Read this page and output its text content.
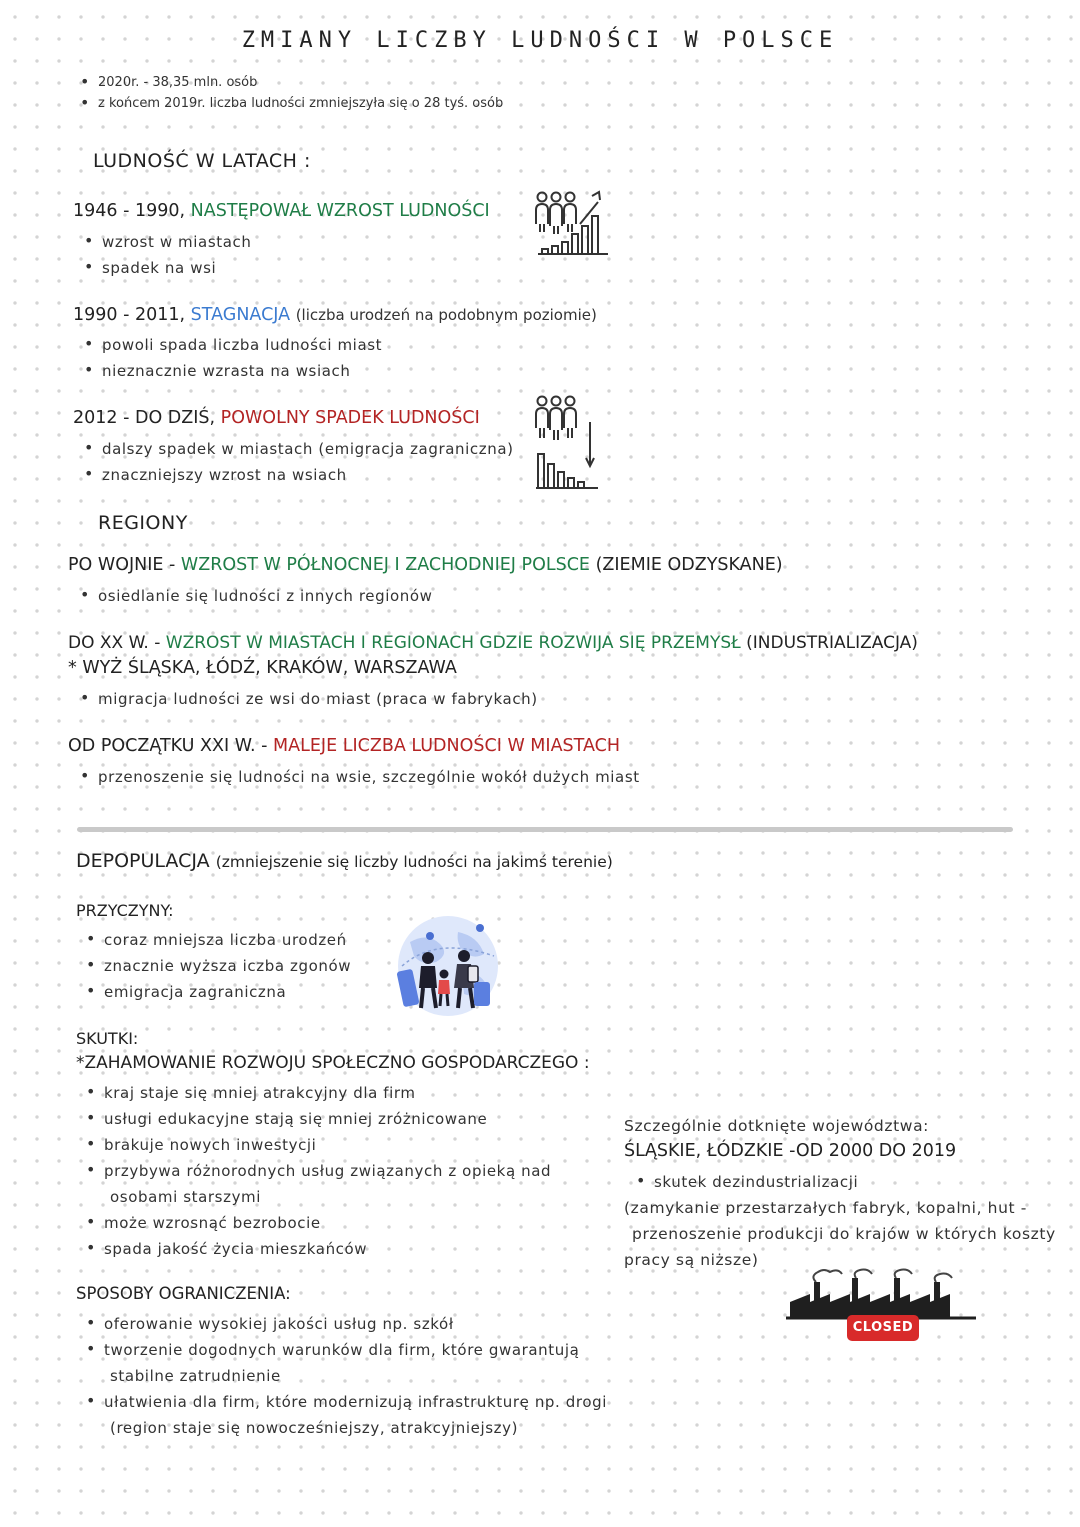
ZMIANY LICZBY LUDNOŚCI W POLSCE
• 2020r. - 38,35 mln. osób
• z końcem 2019r. liczba ludności zmniejszyła się o 28 tyś. osób
LUDNOŚĆ W LATACH :
1946 - 1990, NASTĘPOWAŁ WZROST LUDNOŚCI
• wzrost w miastach
• spadek na wsi
1990 - 2011, STAGNACJA (liczba urodzeń na podobnym poziomie)
• powoli spada liczba ludności miast
• nieznacznie wzrasta na wsiach
2012 - DO DZIŚ, POWOLNY SPADEK LUDNOŚCI
• dalszy spadek w miastach (emigracja zagraniczna)
• znaczniejszy wzrost na wsiach
REGIONY
PO WOJNIE - WZROST W PÓŁNOCNEJ I ZACHODNIEJ POLSCE (ZIEMIE ODZYSKANE)
• osiedlanie się ludności z innych regionów
DO XX W. - WZROST W MIASTACH I REGIONACH GDZIE ROZWIJA SIĘ PRZEMYSŁ (INDUSTRIALIZACJA)
* WYŻ ŚLĄSKA, ŁÓDŹ, KRAKÓW, WARSZAWA
• migracja ludności ze wsi do miast (praca w fabrykach)
OD POCZĄTKU XXI W. - MALEJE LICZBA LUDNOŚCI W MIASTACH
• przenoszenie się ludności na wsie, szczególnie wokół dużych miast
DEPOPULACJA (zmniejszenie się liczby ludności na jakimś terenie)
PRZYCZYNY:
• coraz mniejsza liczba urodzeń
• znacznie wyższa iczba zgonów
• emigracja zagraniczna
SKUTKI:
*ZAHAMOWANIE ROZWOJU SPOŁECZNO GOSPODARCZEGO :
• kraj staje się mniej atrakcyjny dla firm
• usługi edukacyjne stają się mniej zróżnicowane
• brakuje nowych inwestycji
• przybywa różnorodnych usług związanych z opieką nad
osobami starszymi
• może wzrosnąć bezrobocie
• spada jakość życia mieszkańców
SPOSOBY OGRANICZENIA:
• oferowanie wysokiej jakości usług np. szkół
• tworzenie dogodnych warunków dla firm, które gwarantują
stabilne zatrudnienie
• ułatwienia dla firm, które modernizują infrastrukturę np. drogi
(region staje się nowocześniejszy, atrakcyjniejszy)
Szczególnie dotknięte województwa:
ŚLĄSKIE, ŁÓDZKIE -OD 2000 DO 2019
• skutek dezindustrializacji
(zamykanie przestarzałych fabryk, kopalni, hut -
przenoszenie produkcji do krajów w których koszty
pracy są niższe)
CLOSED
